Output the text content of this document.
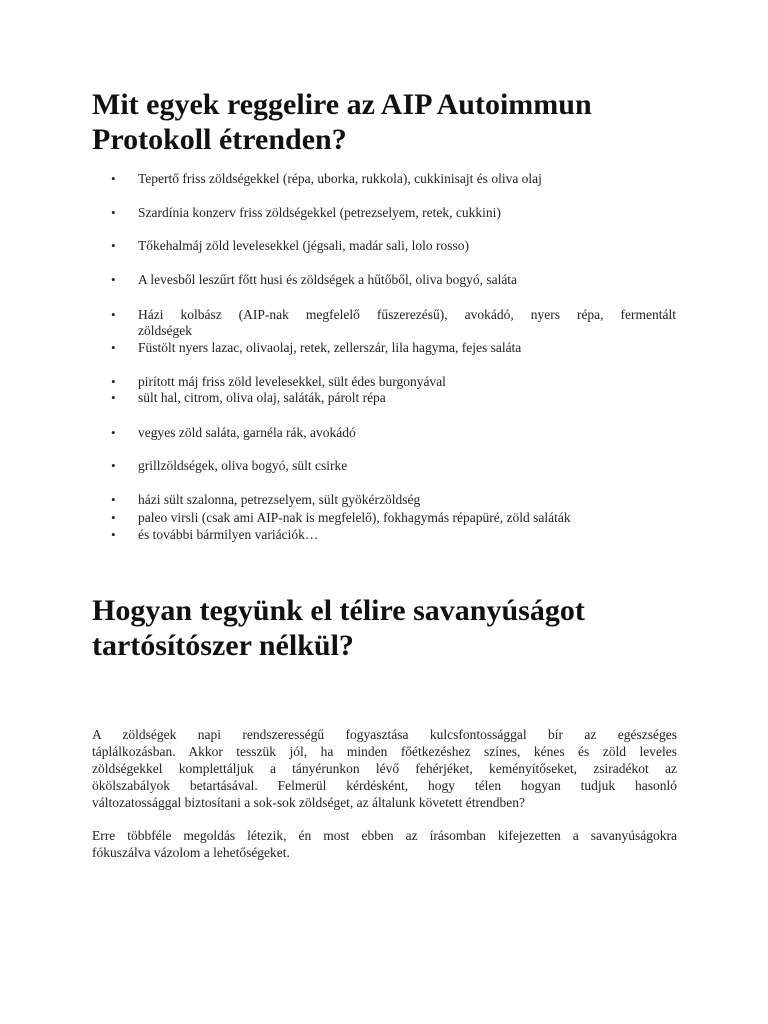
Mit egyek reggelire az AIP Autoimmun
Protokoll étrenden?
•	Tepertő friss zöldségekkel (répa, uborka, rukkola), cukkinisajt és oliva olaj
•	Szardínia konzerv friss zöldségekkel (petrezselyem, retek, cukkini)
•	Tőkehalmáj zöld levelesekkel (jégsali, madár sali, lolo rosso)
•	A levesből leszűrt főtt husi és zöldségek a hűtőből, oliva bogyó, saláta
•	Házi kolbász (AIP-nak megfelelő fűszerezésű), avokádó, nyers répa, fermentált
zöldségek
•	Füstölt nyers lazac, olivaolaj, retek, zellerszár, lila hagyma, fejes saláta
•	pirított máj friss zöld levelesekkel, sült édes burgonyával
•	sült hal, citrom, oliva olaj, saláták, párolt répa
•	vegyes zöld saláta, garnéla rák, avokádó
•	grillzöldségek, oliva bogyó, sült csirke
•	házi sült szalonna, petrezselyem, sült gyökérzöldség
•	paleo virsli (csak ami AIP-nak is megfelelő), fokhagymás répapüré, zöld saláták
•	és további bármilyen variációk…
Hogyan tegyünk el télire savanyúságot
tartósítószer nélkül?

A zöldségek napi rendszerességű fogyasztása kulcsfontossággal bír az egészséges
táplálkozásban. Akkor tesszük jól, ha minden főétkezéshez színes, kénes és zöld leveles
zöldségekkel komplettáljuk a tányérunkon lévő fehérjéket, keményítőseket, zsiradékot az
ökölszabályok betartásával. Felmerül kérdésként, hogy télen hogyan tudjuk hasonló
változatossággal biztosítani a sok-sok zöldséget, az általunk követett étrendben?

Erre többféle megoldás létezik, én most ebben az írásomban kifejezetten a savanyúságokra
fókuszálva vázolom a lehetőségeket.
